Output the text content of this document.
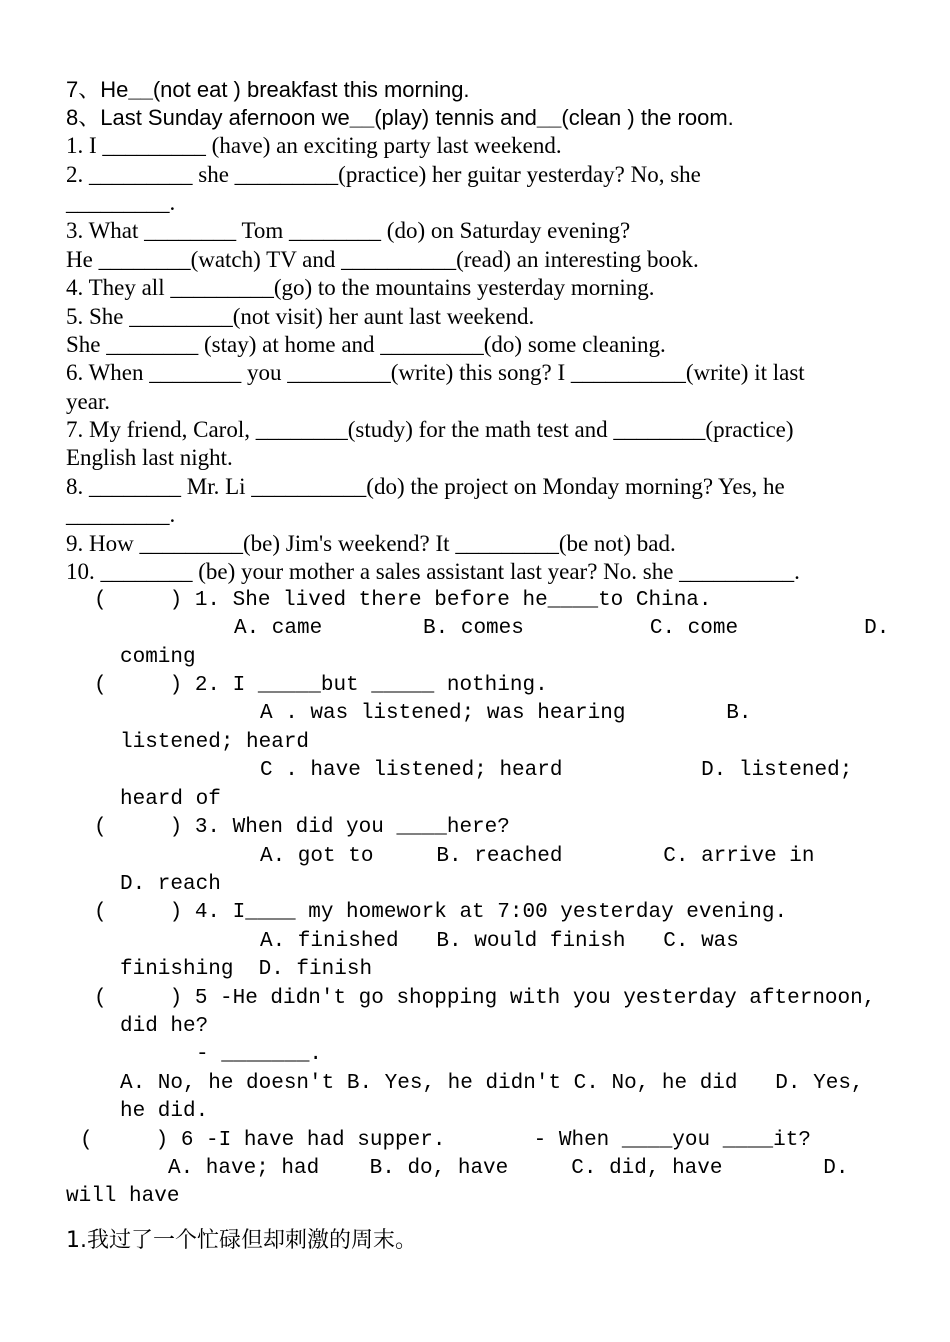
7、He__(not eat ) breakfast this morning.
8、Last Sunday afernoon we__(play) tennis and__(clean ) the room.
1. I _________ (have) an exciting party last weekend.
2. _________ she _________(practice) her guitar yesterday? No, she
_________.
3. What ________ Tom ________ (do) on Saturday evening?
He ________(watch) TV and __________(read) an interesting book.
4. They all _________(go) to the mountains yesterday morning.
5. She _________(not visit) her aunt last weekend.
She ________ (stay) at home and _________(do) some cleaning.
6. When ________ you _________(write) this song? I __________(write) it last
year.
7. My friend, Carol, ________(study) for the math test and ________(practice)
English last night.
8. ________ Mr. Li __________(do) the project on Monday morning? Yes, he
_________.
9. How _________(be) Jim's weekend? It _________(be not) bad.
10. ________ (be) your mother a sales assistant last year? No. she __________.
(     ) 1. She lived there before he____to China.
A. came        B. comes          C. come          D.
coming
(     ) 2. I _____but _____ nothing.
A . was listened; was hearing        B.
listened; heard
C . have listened; heard           D. listened;
heard of
(     ) 3. When did you ____here?
A. got to     B. reached        C. arrive in
D. reach
(     ) 4. I____ my homework at 7:00 yesterday evening.
A. finished   B. would finish   C. was
finishing  D. finish
(     ) 5 -He didn't go shopping with you yesterday afternoon,
did he?
- _______.
A. No, he doesn't B. Yes, he didn't C. No, he did   D. Yes,
he did.
(     ) 6 -I have had supper.       - When ____you ____it?
A. have; had    B. do, have     C. did, have        D.
will have
1.我过了一个忙碌但却刺激的周末。
